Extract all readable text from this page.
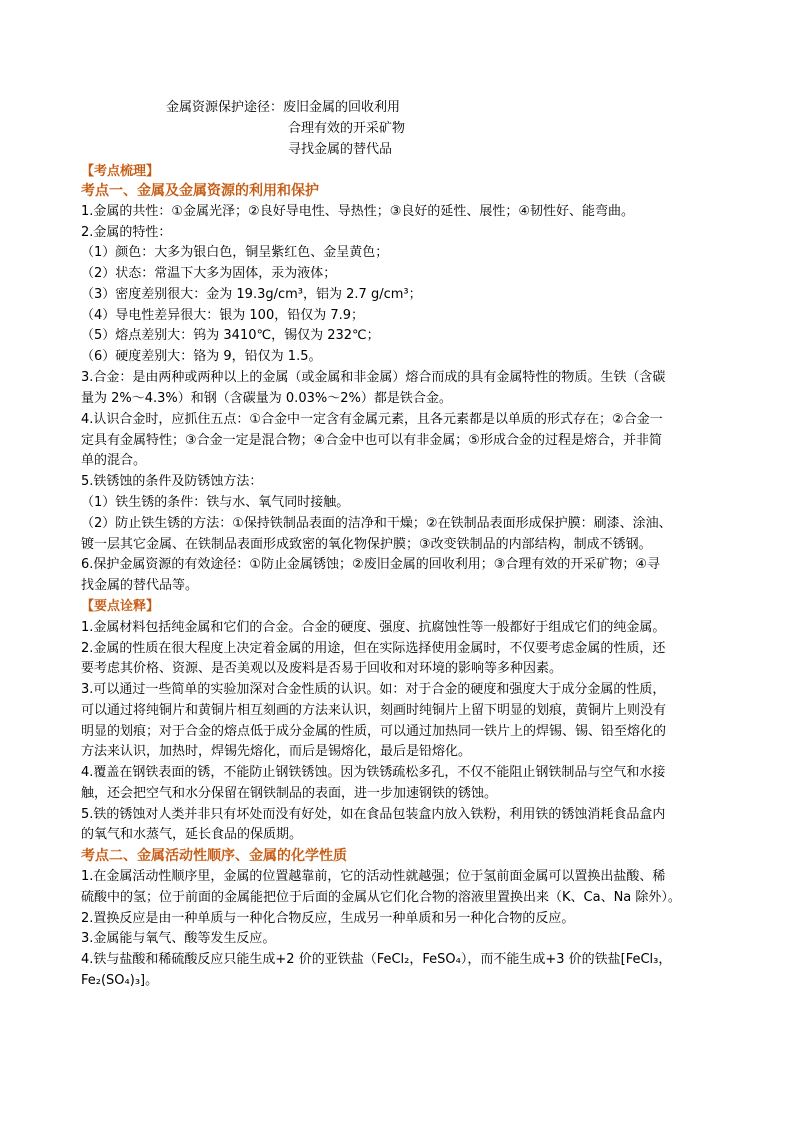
金属资源保护途径：废旧金属的回收利用
合理有效的开采矿物
寻找金属的替代品
【考点梳理】
考点一、金属及金属资源的利用和保护
1.金属的共性：①金属光泽；②良好导电性、导热性；③良好的延性、展性；④韧性好、能弯曲。
2.金属的特性：
（1）颜色：大多为银白色，铜呈紫红色、金呈黄色；
（2）状态：常温下大多为固体，汞为液体；
（3）密度差别很大：金为 19.3g/cm³，铝为 2.7 g/cm³；
（4）导电性差异很大：银为 100，铅仅为 7.9；
（5）熔点差别大：钨为 3410℃，锡仅为 232℃；
（6）硬度差别大：铬为 9，铅仅为 1.5。
3.合金：是由两种或两种以上的金属（或金属和非金属）熔合而成的具有金属特性的物质。生铁（含碳
量为 2%～4.3%）和钢（含碳量为 0.03%～2%）都是铁合金。
4.认识合金时，应抓住五点：①合金中一定含有金属元素，且各元素都是以单质的形式存在；②合金一
定具有金属特性；③合金一定是混合物；④合金中也可以有非金属；⑤形成合金的过程是熔合，并非简
单的混合。
5.铁锈蚀的条件及防锈蚀方法：
（1）铁生锈的条件：铁与水、氧气同时接触。
（2）防止铁生锈的方法：①保持铁制品表面的洁净和干燥；②在铁制品表面形成保护膜：刷漆、涂油、
镀一层其它金属、在铁制品表面形成致密的氧化物保护膜；③改变铁制品的内部结构，制成不锈钢。
6.保护金属资源的有效途径：①防止金属锈蚀；②废旧金属的回收利用；③合理有效的开采矿物；④寻
找金属的替代品等。
【要点诠释】
1.金属材料包括纯金属和它们的合金。合金的硬度、强度、抗腐蚀性等一般都好于组成它们的纯金属。
2.金属的性质在很大程度上决定着金属的用途，但在实际选择使用金属时，不仅要考虑金属的性质，还
要考虑其价格、资源、是否美观以及废料是否易于回收和对环境的影响等多种因素。
3.可以通过一些简单的实验加深对合金性质的认识。如：对于合金的硬度和强度大于成分金属的性质，
可以通过将纯铜片和黄铜片相互刻画的方法来认识，刻画时纯铜片上留下明显的划痕，黄铜片上则没有
明显的划痕；对于合金的熔点低于成分金属的性质，可以通过加热同一铁片上的焊锡、锡、铅至熔化的
方法来认识，加热时，焊锡先熔化，而后是锡熔化，最后是铅熔化。
4.覆盖在钢铁表面的锈，不能防止钢铁锈蚀。因为铁锈疏松多孔，不仅不能阻止钢铁制品与空气和水接
触，还会把空气和水分保留在钢铁制品的表面，进一步加速钢铁的锈蚀。
5.铁的锈蚀对人类并非只有坏处而没有好处，如在食品包装盒内放入铁粉，利用铁的锈蚀消耗食品盒内
的氧气和水蒸气，延长食品的保质期。
考点二、金属活动性顺序、金属的化学性质
1.在金属活动性顺序里，金属的位置越靠前，它的活动性就越强；位于氢前面金属可以置换出盐酸、稀
硫酸中的氢；位于前面的金属能把位于后面的金属从它们化合物的溶液里置换出来（K、Ca、Na 除外）。
2.置换反应是由一种单质与一种化合物反应，生成另一种单质和另一种化合物的反应。
3.金属能与氧气、酸等发生反应。
4.铁与盐酸和稀硫酸反应只能生成+2 价的亚铁盐（FeCl₂，FeSO₄），而不能生成+3 价的铁盐[FeCl₃，
Fe₂(SO₄)₃]。
